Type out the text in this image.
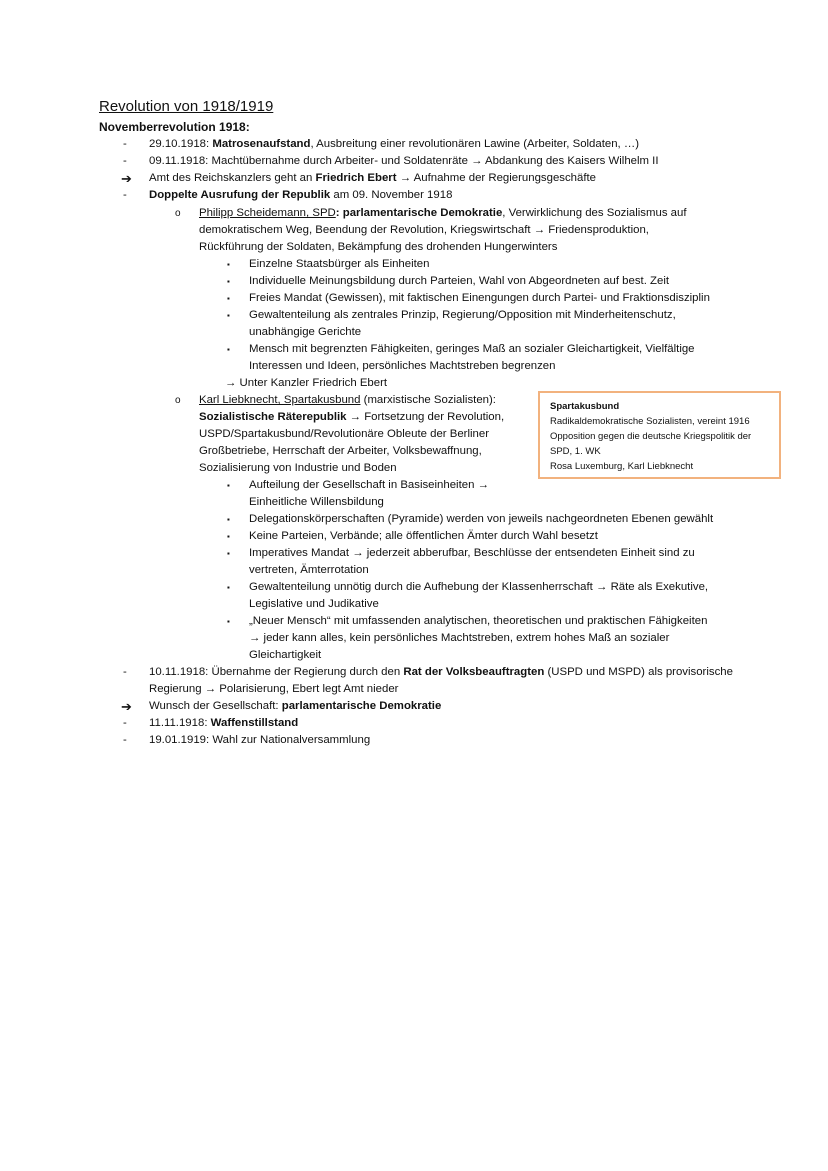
Revolution von 1918/1919
Novemberrevolution 1918:
- 29.10.1918: Matrosenaufstand, Ausbreitung einer revolutionären Lawine (Arbeiter, Soldaten, …)
- 09.11.1918: Machtübernahme durch Arbeiter- und Soldatenräte → Abdankung des Kaisers Wilhelm II
➔ Amt des Reichskanzlers geht an Friedrich Ebert → Aufnahme der Regierungsgeschäfte
- Doppelte Ausrufung der Republik am 09. November 1918
o Philipp Scheidemann, SPD: parlamentarische Demokratie, Verwirklichung des Sozialismus auf
demokratischem Weg, Beendung der Revolution, Kriegswirtschaft → Friedensproduktion,
Rückführung der Soldaten, Bekämpfung des drohenden Hungerwinters
▪ Einzelne Staatsbürger als Einheiten
▪ Individuelle Meinungsbildung durch Parteien, Wahl von Abgeordneten auf best. Zeit
▪ Freies Mandat (Gewissen), mit faktischen Einengungen durch Partei- und Fraktionsdisziplin
▪ Gewaltenteilung als zentrales Prinzip, Regierung/Opposition mit Minderheitenschutz,
unabhängige Gerichte
▪ Mensch mit begrenzten Fähigkeiten, geringes Maß an sozialer Gleichartigkeit, Vielfältige
Interessen und Ideen, persönliches Machtstreben begrenzen
→ Unter Kanzler Friedrich Ebert
o Karl Liebknecht, Spartakusbund (marxistische Sozialisten):
Sozialistische Räterepublik → Fortsetzung der Revolution,
USPD/Spartakusbund/Revolutionäre Obleute der Berliner
Großbetriebe, Herrschaft der Arbeiter, Volksbewaffnung,
Sozialisierung von Industrie und Boden
▪ Aufteilung der Gesellschaft in Basiseinheiten →
Einheitliche Willensbildung
▪ Delegationskörperschaften (Pyramide) werden von jeweils nachgeordneten Ebenen gewählt
▪ Keine Parteien, Verbände; alle öffentlichen Ämter durch Wahl besetzt
▪ Imperatives Mandat → jederzeit abberufbar, Beschlüsse der entsendeten Einheit sind zu
vertreten, Ämterrotation
▪ Gewaltenteilung unnötig durch die Aufhebung der Klassenherrschaft → Räte als Exekutive,
Legislative und Judikative
▪ „Neuer Mensch“ mit umfassenden analytischen, theoretischen und praktischen Fähigkeiten
→ jeder kann alles, kein persönliches Machtstreben, extrem hohes Maß an sozialer
Gleichartigkeit
Spartakusbund
Radikaldemokratische Sozialisten, vereint 1916
Opposition gegen die deutsche Kriegspolitik der
SPD, 1. WK
Rosa Luxemburg, Karl Liebknecht
- 10.11.1918: Übernahme der Regierung durch den Rat der Volksbeauftragten (USPD und MSPD) als provisorische
Regierung → Polarisierung, Ebert legt Amt nieder
➔ Wunsch der Gesellschaft: parlamentarische Demokratie
- 11.11.1918: Waffenstillstand
- 19.01.1919: Wahl zur Nationalversammlung
